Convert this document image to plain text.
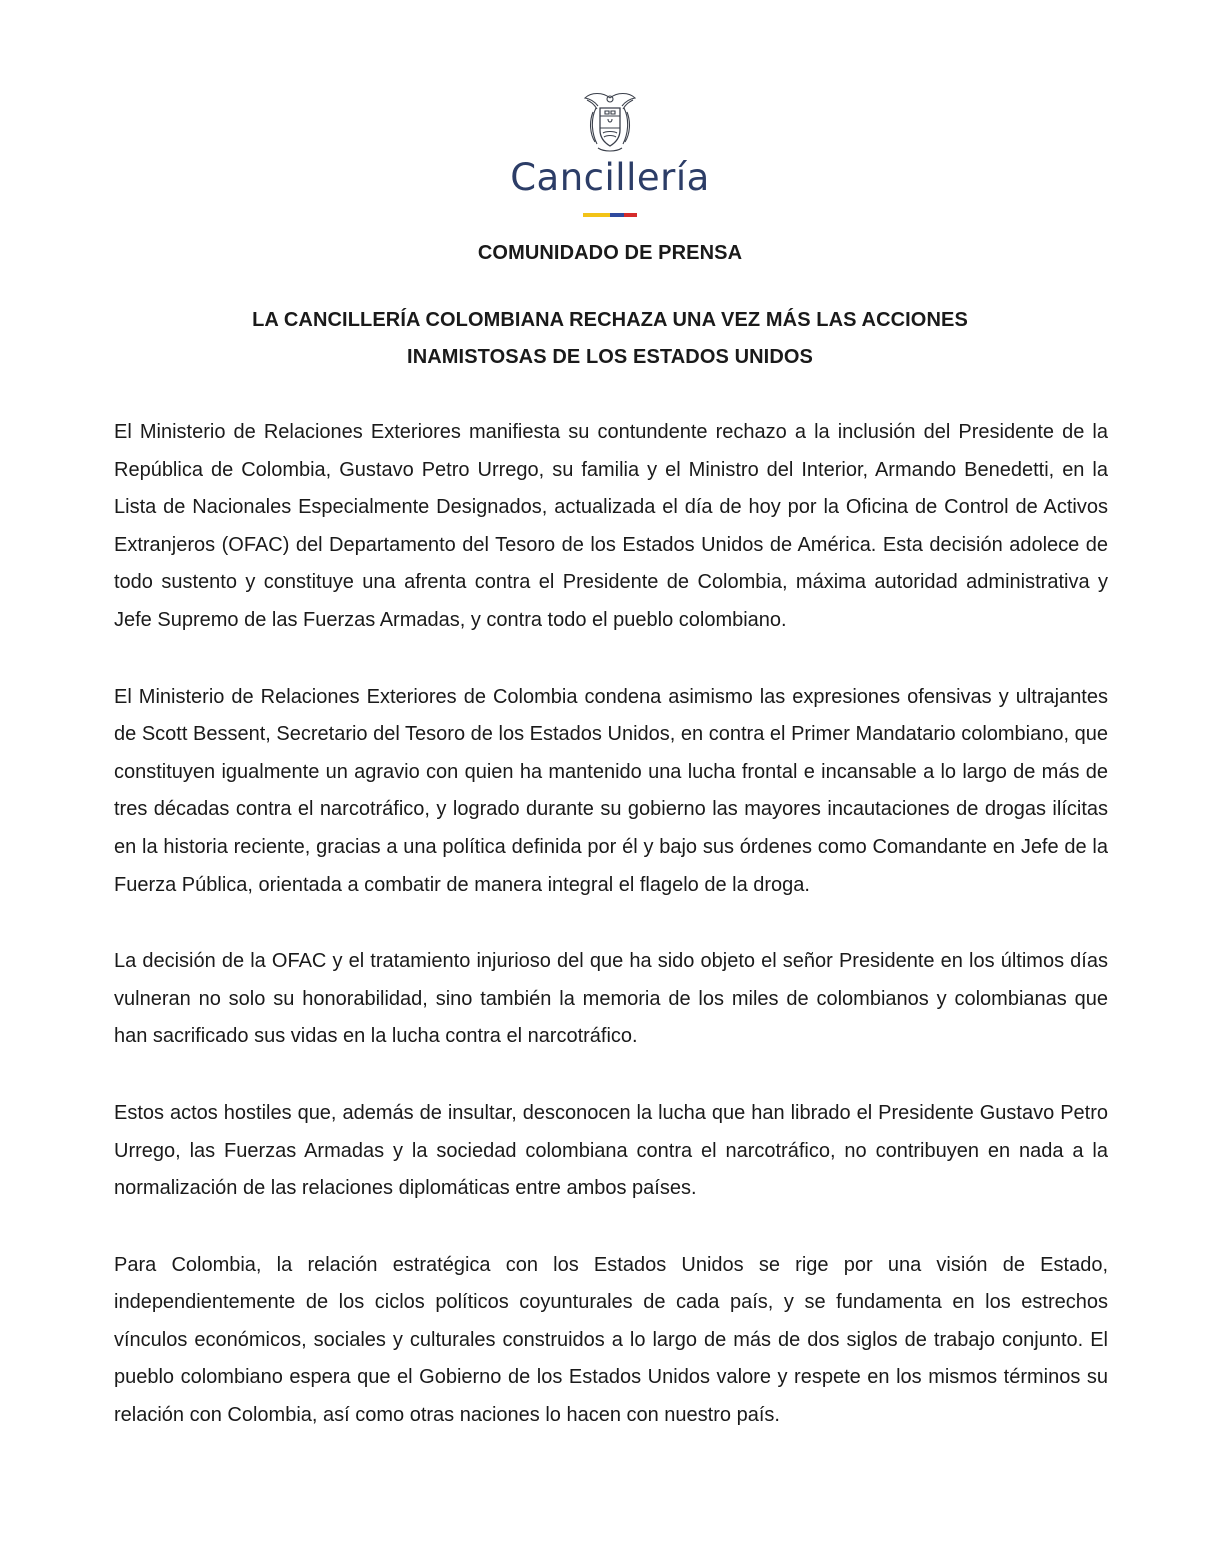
Cancillería
COMUNIDADO DE PRENSA
LA CANCILLERÍA COLOMBIANA RECHAZA UNA VEZ MÁS LAS ACCIONES
INAMISTOSAS DE LOS ESTADOS UNIDOS

El Ministerio de Relaciones Exteriores manifiesta su contundente rechazo a la inclusión del Presidente de la República de Colombia, Gustavo Petro Urrego, su familia y el Ministro del Interior, Armando Benedetti, en la Lista de Nacionales Especialmente Designados, actualizada el día de hoy por la Oficina de Control de Activos Extranjeros (OFAC) del Departamento del Tesoro de los Estados Unidos de América. Esta decisión adolece de todo sustento y constituye una afrenta contra el Presidente de Colombia, máxima autoridad administrativa y Jefe Supremo de las Fuerzas Armadas, y contra todo el pueblo colombiano.

El Ministerio de Relaciones Exteriores de Colombia condena asimismo las expresiones ofensivas y ultrajantes de Scott Bessent, Secretario del Tesoro de los Estados Unidos, en contra el Primer Mandatario colombiano, que constituyen igualmente un agravio con quien ha mantenido una lucha frontal e incansable a lo largo de más de tres décadas contra el narcotráfico, y logrado durante su gobierno las mayores incautaciones de drogas ilícitas en la historia reciente, gracias a una política definida por él y bajo sus órdenes como Comandante en Jefe de la Fuerza Pública, orientada a combatir de manera integral el flagelo de la droga.

La decisión de la OFAC y el tratamiento injurioso del que ha sido objeto el señor Presidente en los últimos días vulneran no solo su honorabilidad, sino también la memoria de los miles de colombianos y colombianas que han sacrificado sus vidas en la lucha contra el narcotráfico.

Estos actos hostiles que, además de insultar, desconocen la lucha que han librado el Presidente Gustavo Petro Urrego, las Fuerzas Armadas y la sociedad colombiana contra el narcotráfico, no contribuyen en nada a la normalización de las relaciones diplomáticas entre ambos países.

Para Colombia, la relación estratégica con los Estados Unidos se rige por una visión de Estado, independientemente de los ciclos políticos coyunturales de cada país, y se fundamenta en los estrechos vínculos económicos, sociales y culturales construidos a lo largo de más de dos siglos de trabajo conjunto. El pueblo colombiano espera que el Gobierno de los Estados Unidos valore y respete en los mismos términos su relación con Colombia, así como otras naciones lo hacen con nuestro país.
